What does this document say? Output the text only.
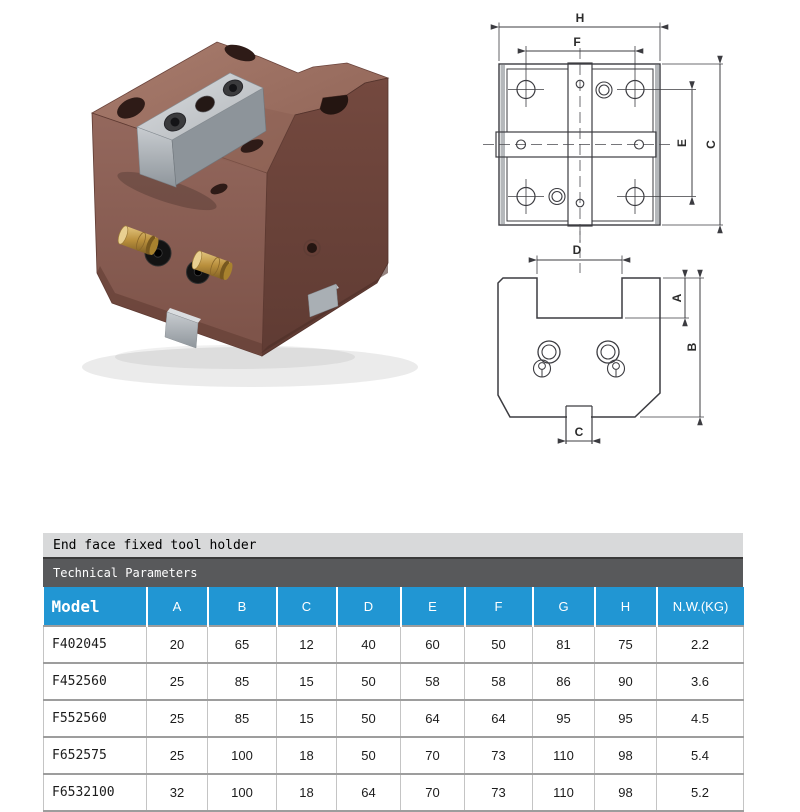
H
F
E C
D
A
B
C
End face fixed tool holder
Technical Parameters
Model	A	B	C	D	E	F	G	H	N.W.(KG)
F402045	20	65	12	40	60	50	81	75	2.2
F452560	25	85	15	50	58	58	86	90	3.6
F552560	25	85	15	50	64	64	95	95	4.5
F652575	25	100	18	50	70	73	110	98	5.4
F6532100	32	100	18	64	70	73	110	98	5.2
